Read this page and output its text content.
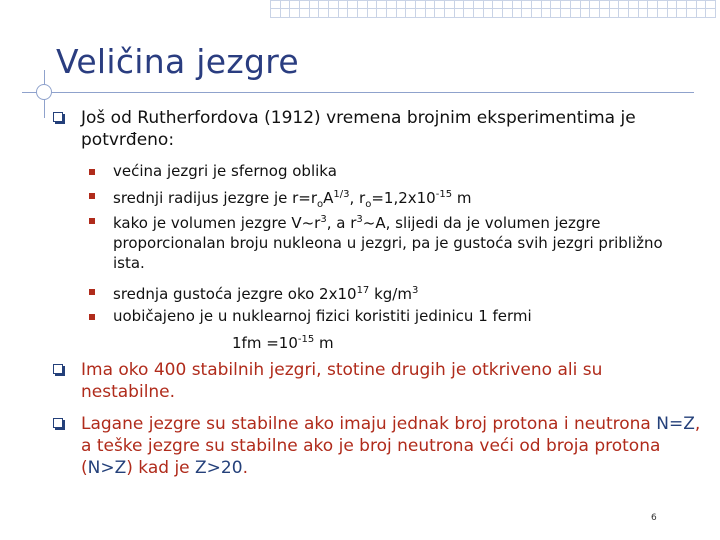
Veličina jezgre
Još od Rutherfordova (1912) vremena brojnim eksperimentima je potvrđeno:
većina jezgri je sfernog oblika
srednji radijus jezgre je $r=r_oA^{1/3}$, $r_o=1,2x10^{-15}$ m
kako je volumen jezgre $V\sim r^3$, a $r^3\sim A$, slijedi da je volumen jezgre proporcionalan broju nukleona u jezgri, pa je gustoća svih jezgri približno ista.
srednja gustoća jezgre oko $2x10^{17}$ $kg/m^3$
uobičajeno je u nuklearnoj fizici koristiti jedinicu 1 fermi
$1fm =10^{-15}$ m
Ima oko 400 stabilnih jezgri, stotine drugih je otkriveno ali su nestabilne.
Lagane jezgre su stabilne ako imaju jednak broj protona i neutrona N=Z, a teške jezgre su stabilne ako je broj neutrona veći od broja protona (N>Z) kad je Z>20.
6
